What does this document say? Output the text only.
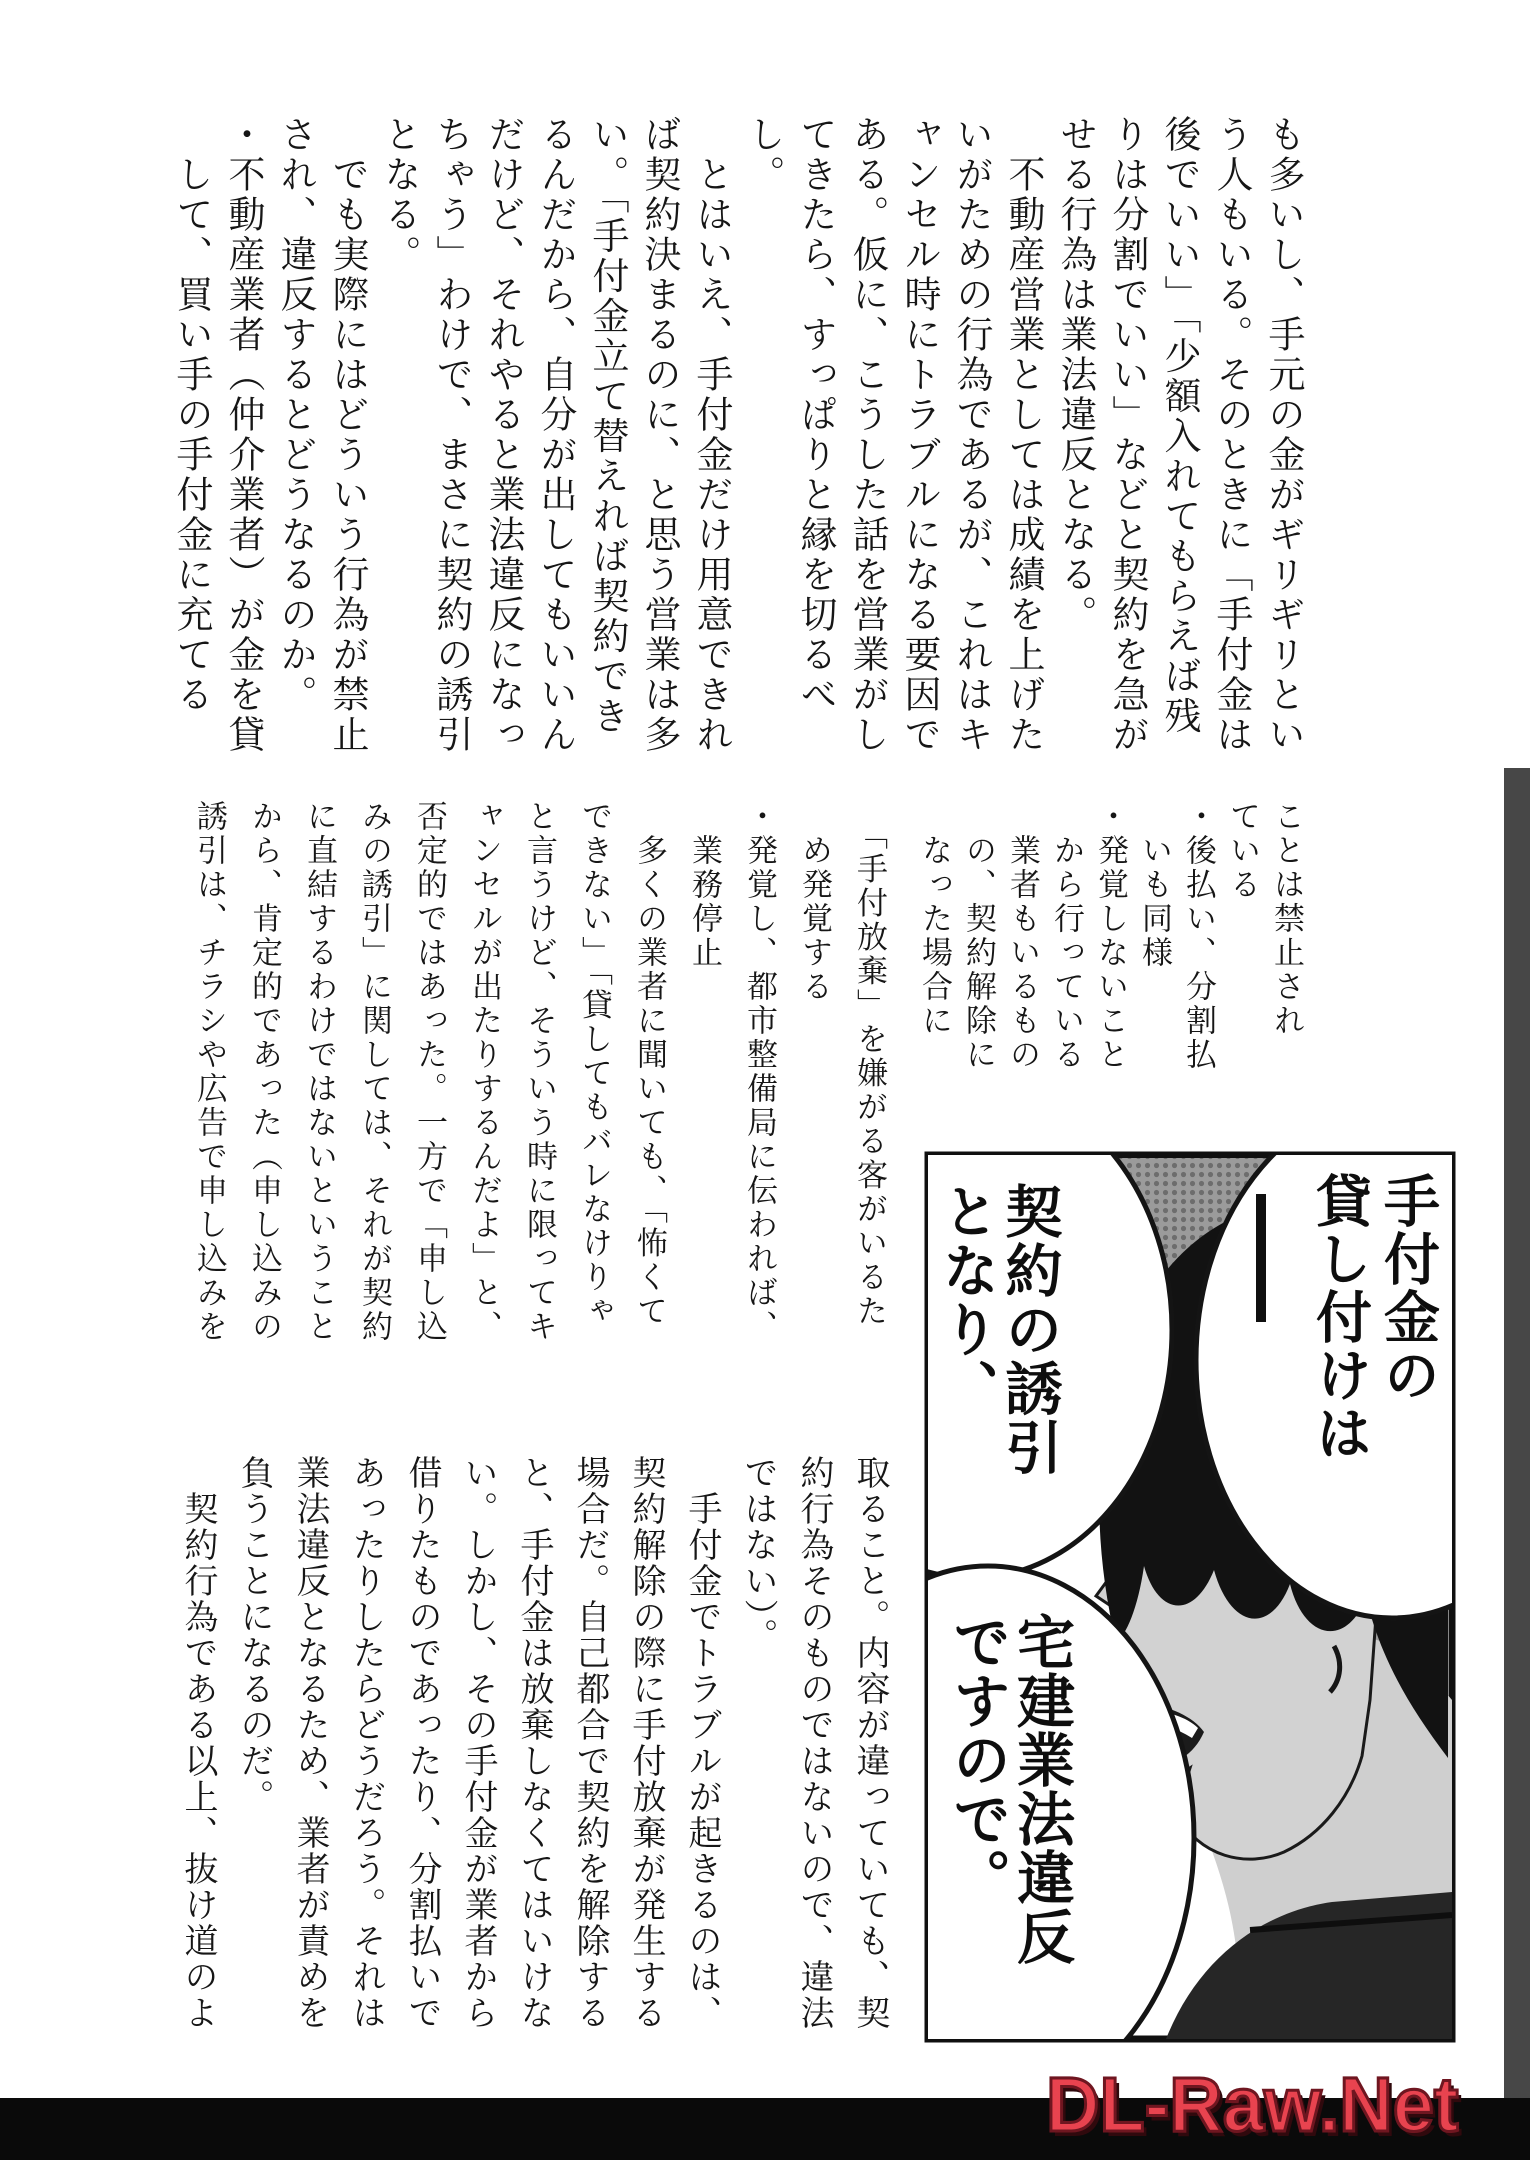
も多いし、手元の金がギリギリとい

う人もいる。そのときに「手付金は

後でいい」「少額入れてもらえば残

りは分割でいい」などと契約を急が

せる行為は業法違反となる。

　不動産営業としては成績を上げた

いがための行為であるが、これはキ

ャンセル時にトラブルになる要因で

ある。仮に、こうした話を営業がし

てきたら、すっぱりと縁を切るべ

し。

　とはいえ、手付金だけ用意できれ

ば契約決まるのに、と思う営業は多

い。「手付金立て替えれば契約でき

るんだから、自分が出してもいいん

だけど、それやると業法違反になっ

ちゃう」わけで、まさに契約の誘引

となる。

　でも実際にはどういう行為が禁止

され、違反するとどうなるのか。

・不動産業者（仲介業者）が金を貸

　して、買い手の手付金に充てる

ことは禁止され

ている

・後払い、分割払

　いも同様

・発覚しないこと

　から行っている

　業者もいるもの

　の、契約解除に

　なった場合に

　「手付放棄」を嫌がる客がいるた

　め発覚する

・発覚し、都市整備局に伝われば、

　業務停止

　多くの業者に聞いても、「怖くて

できない」「貸してもバレなけりゃ

と言うけど、そういう時に限ってキ

ャンセルが出たりするんだよ」と、

否定的ではあった。一方で「申し込

みの誘引」に関しては、それが契約

に直結するわけではないということ

から、肯定的であった（申し込みの

誘引は、チラシや広告で申し込みを

取ること。内容が違っていても、契

約行為そのものではないので、違法

ではない）。

　手付金でトラブルが起きるのは、

契約解除の際に手付放棄が発生する

場合だ。自己都合で契約を解除する

と、手付金は放棄しなくてはいけな

い。しかし、その手付金が業者から

借りたものであったり、分割払いで

あったりしたらどうだろう。それは

業法違反となるため、業者が責めを

負うことになるのだ。

　契約行為である以上、抜け道のよ

手付金の

貸し付けは

契約の誘引

となり、

宅建業法違反

ですので。

DL-Raw.Net
